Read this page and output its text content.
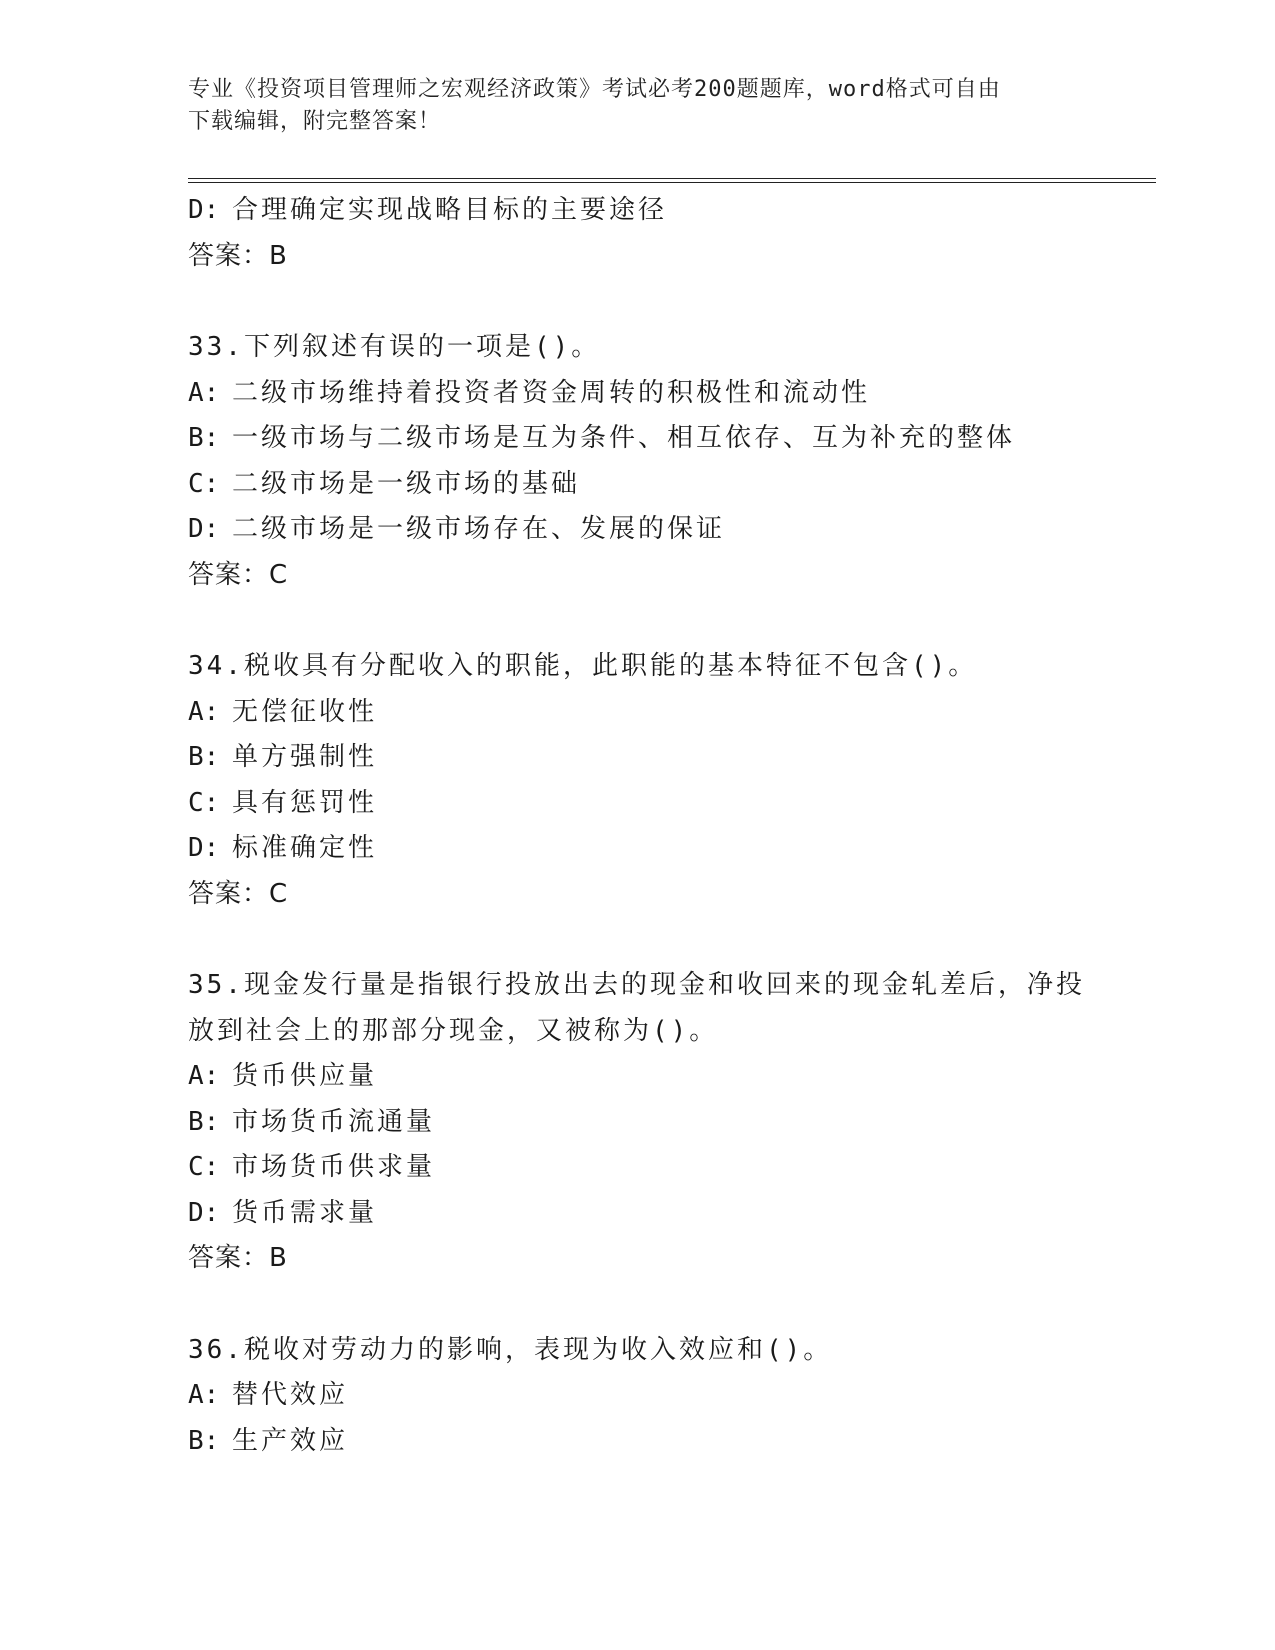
专业《投资项目管理师之宏观经济政策》考试必考200题题库，word格式可自由
下载编辑，附完整答案！
D: 合理确定实现战略目标的主要途径
答案：B
33.下列叙述有误的一项是()。
A: 二级市场维持着投资者资金周转的积极性和流动性
B: 一级市场与二级市场是互为条件、相互依存、互为补充的整体
C: 二级市场是一级市场的基础
D: 二级市场是一级市场存在、发展的保证
答案：C
34.税收具有分配收入的职能，此职能的基本特征不包含()。
A: 无偿征收性
B: 单方强制性
C: 具有惩罚性
D: 标准确定性
答案：C
35.现金发行量是指银行投放出去的现金和收回来的现金轧差后，净投
放到社会上的那部分现金，又被称为()。
A: 货币供应量
B: 市场货币流通量
C: 市场货币供求量
D: 货币需求量
答案：B
36.税收对劳动力的影响，表现为收入效应和()。
A: 替代效应
B: 生产效应
